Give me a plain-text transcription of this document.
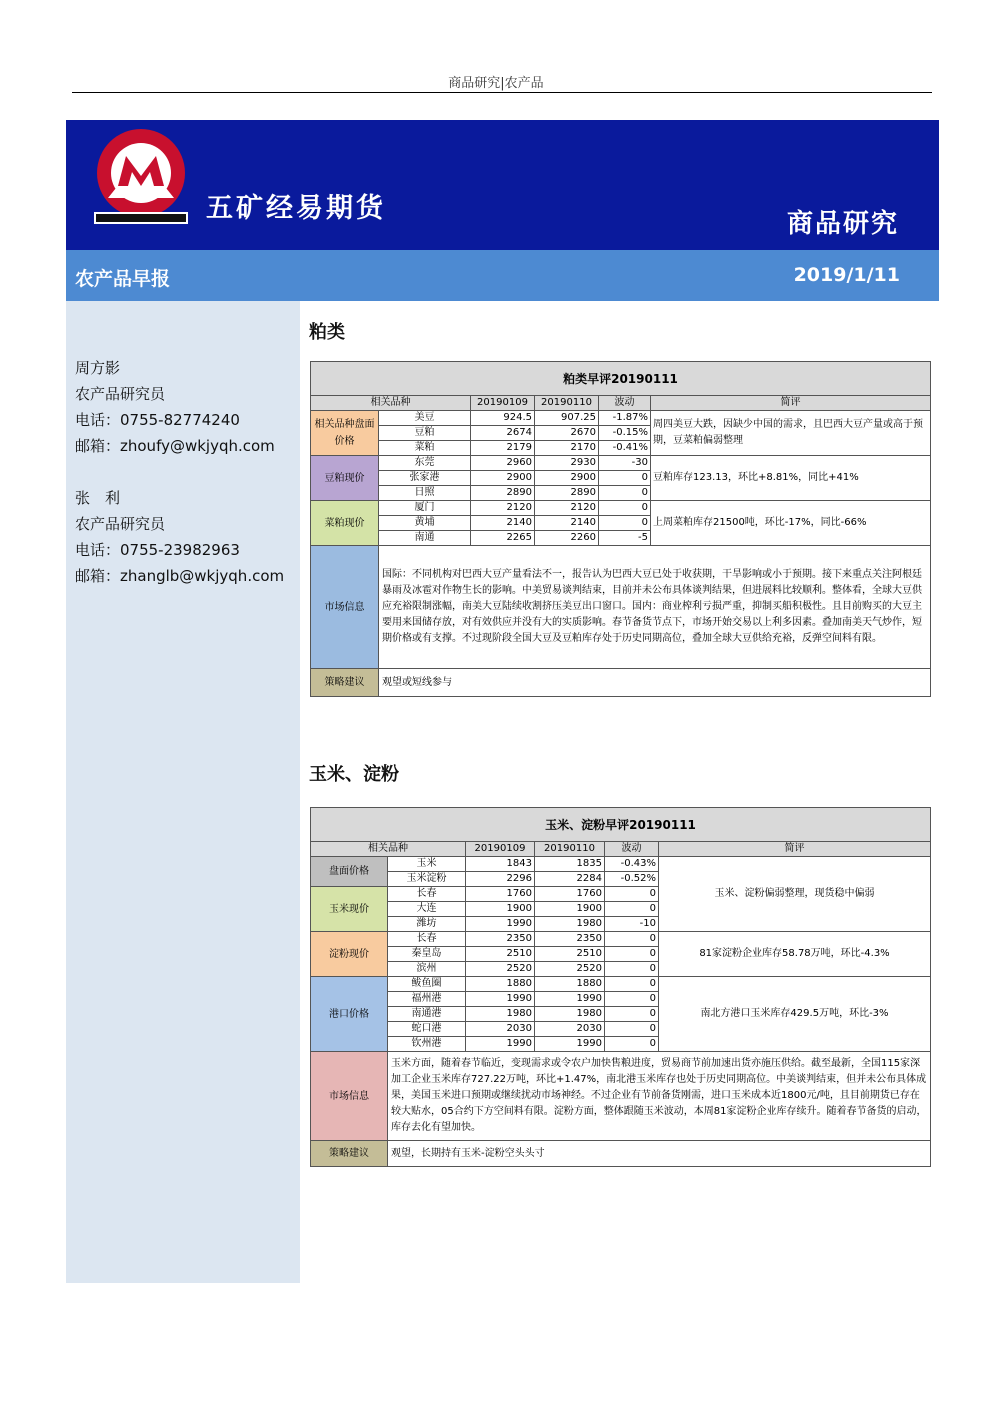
商品研究|农产品
五矿经易期货	商品研究
农产品早报	2019/1/11
周方影
农产品研究员
电话：0755-82774240
邮箱：zhoufy@wkjyqh.com
张　利
农产品研究员
电话：0755-23982963
邮箱：zhanglb@wkjyqh.com
粕类
粕类早评20190111					
相关品种		20190109	20190110	波动	简评
相关品种盘面价格	美豆	924.5	907.25	-1.87%	周四美豆大跌，因缺少中国的需求，且巴西大豆产量或高于预期，豆菜粕偏弱整理
	豆粕	2674	2670	-0.15%	
	菜粕	2179	2170	-0.41%	
豆粕现价	东莞	2960	2930	-30	豆粕库存123.13，环比+8.81%，同比+41%
	张家港	2900	2900	0	
	日照	2890	2890	0	
菜粕现价	厦门	2120	2120	0	上周菜粕库存21500吨，环比-17%，同比-66%
	黄埔	2140	2140	0	
	南通	2265	2260	-5	
市场信息	国际：不同机构对巴西大豆产量看法不一，报告认为巴西大豆已处于收获期，干旱影响或小于预期。接下来重点关注阿根廷暴雨及冰雹对作物生长的影响。中美贸易谈判结束，目前并未公布具体谈判结果，但进展料比较顺利。整体看，全球大豆供应充裕限制涨幅，南美大豆陆续收割挤压美豆出口窗口。国内：商业榨利亏损严重，抑制买船积极性。且目前购买的大豆主要用来国储存放，对有效供应并没有大的实质影响。春节备货节点下，市场开始交易以上利多因素。叠加南美天气炒作，短期价格或有支撑。不过现阶段全国大豆及豆粕库存处于历史同期高位，叠加全球大豆供给充裕，反弹空间料有限。				
策略建议	观望或短线参与				
玉米、淀粉
玉米、淀粉早评20190111					
相关品种		20190109	20190110	波动	简评
盘面价格	玉米	1843	1835	-0.43%	玉米、淀粉偏弱整理，现货稳中偏弱
	玉米淀粉	2296	2284	-0.52%	
玉米现价	长春	1760	1760	0	
	大连	1900	1900	0	
	潍坊	1990	1980	-10	
淀粉现价	长春	2350	2350	0	81家淀粉企业库存58.78万吨，环比-4.3%
	秦皇岛	2510	2510	0	
	滨州	2520	2520	0	
港口价格	鲅鱼圈	1880	1880	0	南北方港口玉米库存429.5万吨，环比-3%
	福州港	1990	1990	0	
	南通港	1980	1980	0	
	蛇口港	2030	2030	0	
	钦州港	1990	1990	0	
市场信息	玉米方面，随着春节临近，变现需求或令农户加快售粮进度，贸易商节前加速出货亦施压供给。截至最新，全国115家深加工企业玉米库存727.22万吨，环比+1.47%，南北港玉米库存也处于历史同期高位。中美谈判结束，但并未公布具体成果，美国玉米进口预期或继续扰动市场神经。不过企业有节前备货刚需，进口玉米成本近1800元/吨，且目前期货已存在较大贴水，05合约下方空间料有限。淀粉方面，整体跟随玉米波动，本周81家淀粉企业库存续升。随着春节备货的启动，库存去化有望加快。				
策略建议	观望，长期持有玉米-淀粉空头头寸				
